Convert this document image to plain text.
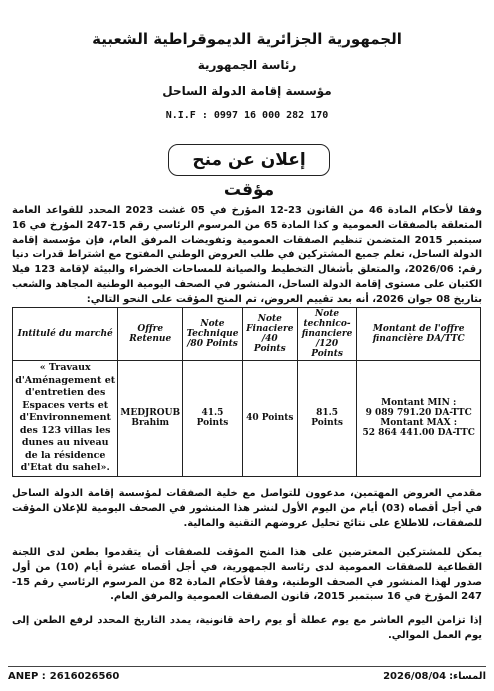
الجمهورية الجزائرية الديموقراطية الشعبية
رئاسة الجمهورية
مؤسسة إقامة الدولة الساحل
N.I.F : 0997 16 000 282 170
إعلان عن منح مؤقت
وفقا لأحكام المادة 46 من القانون 23-12 المؤرخ في 05 غشت 2023 المحدد للقواعد العامة المتعلقة بالصفقات العمومية و كذا المادة 65 من المرسوم الرئاسي رقم 15-247 المؤرخ في 16 سبتمبر 2015 المتضمن تنظيم الصفقات العمومية وتفويضات المرفق العام، فإن مؤسسة إقامة الدولة الساحل، تعلم جميع المشتركين في طلب العروض الوطني المفتوح مع اشتراط قدرات دنيا رقم: 2026/06، والمتعلق بأشغال التخطيط والصيانة للمساحات الخضراء والبيئة لإقامة 123 فيلا الكثبان على مستوى إقامة الدولة الساحل، المنشور في الصحف اليومية الوطنية المجاهد والشعب بتاريخ 08 جوان 2026، أنه بعد تقييم العروض، تم المنح المؤقت على النحو التالي:
Intitulé du marché	Offre Retenue	Note Technique /80 Points	Note Finaciere /40 Points	Note technico-financiere /120 Points	Montant de l'offre financière DA/TTC
« Travaux d'Aménagement et d'entretien des Espaces verts et d'Environnement des 123 villas les dunes au niveau de la résidence d'Etat du sahel».	MEDJROUB Brahim	41.5 Points	40 Points	81.5 Points	Montant MIN :
9 089 791.20 DA-TTC
Montant MAX :
52 864 441.00 DA-TTC
مقدمي العروض المهتمين، مدعوون للتواصل مع خلية الصفقات لمؤسسة إقامة الدولة الساحل في أجل أقصاه (03) أيام من اليوم الأول لنشر هذا المنشور في الصحف اليومية للإعلان المؤقت للصفقات، للاطلاع على نتائج تحليل عروضهم التقنية والمالية.
يمكن للمشتركين المعترضين على هذا المنح المؤقت للصفقات أن يتقدموا بطعن لدى اللجنة القطاعية للصفقات العمومية لدى رئاسة الجمهورية، في أجل أقصاه عشرة أيام (10) من أول صدور لهذا المنشور في الصحف الوطنية، وفقا لأحكام المادة 82 من المرسوم الرئاسي رقم 15-247 المؤرخ في 16 سبتمبر 2015، قانون الصفقات العمومية والمرفق العام.
إذا تزامن اليوم العاشر مع يوم عطلة أو يوم راحة قانونية، يمدد التاريخ المحدد لرفع الطعن إلى يوم العمل الموالي.
ANEP : 2616026560	المساء:2026/08/04
